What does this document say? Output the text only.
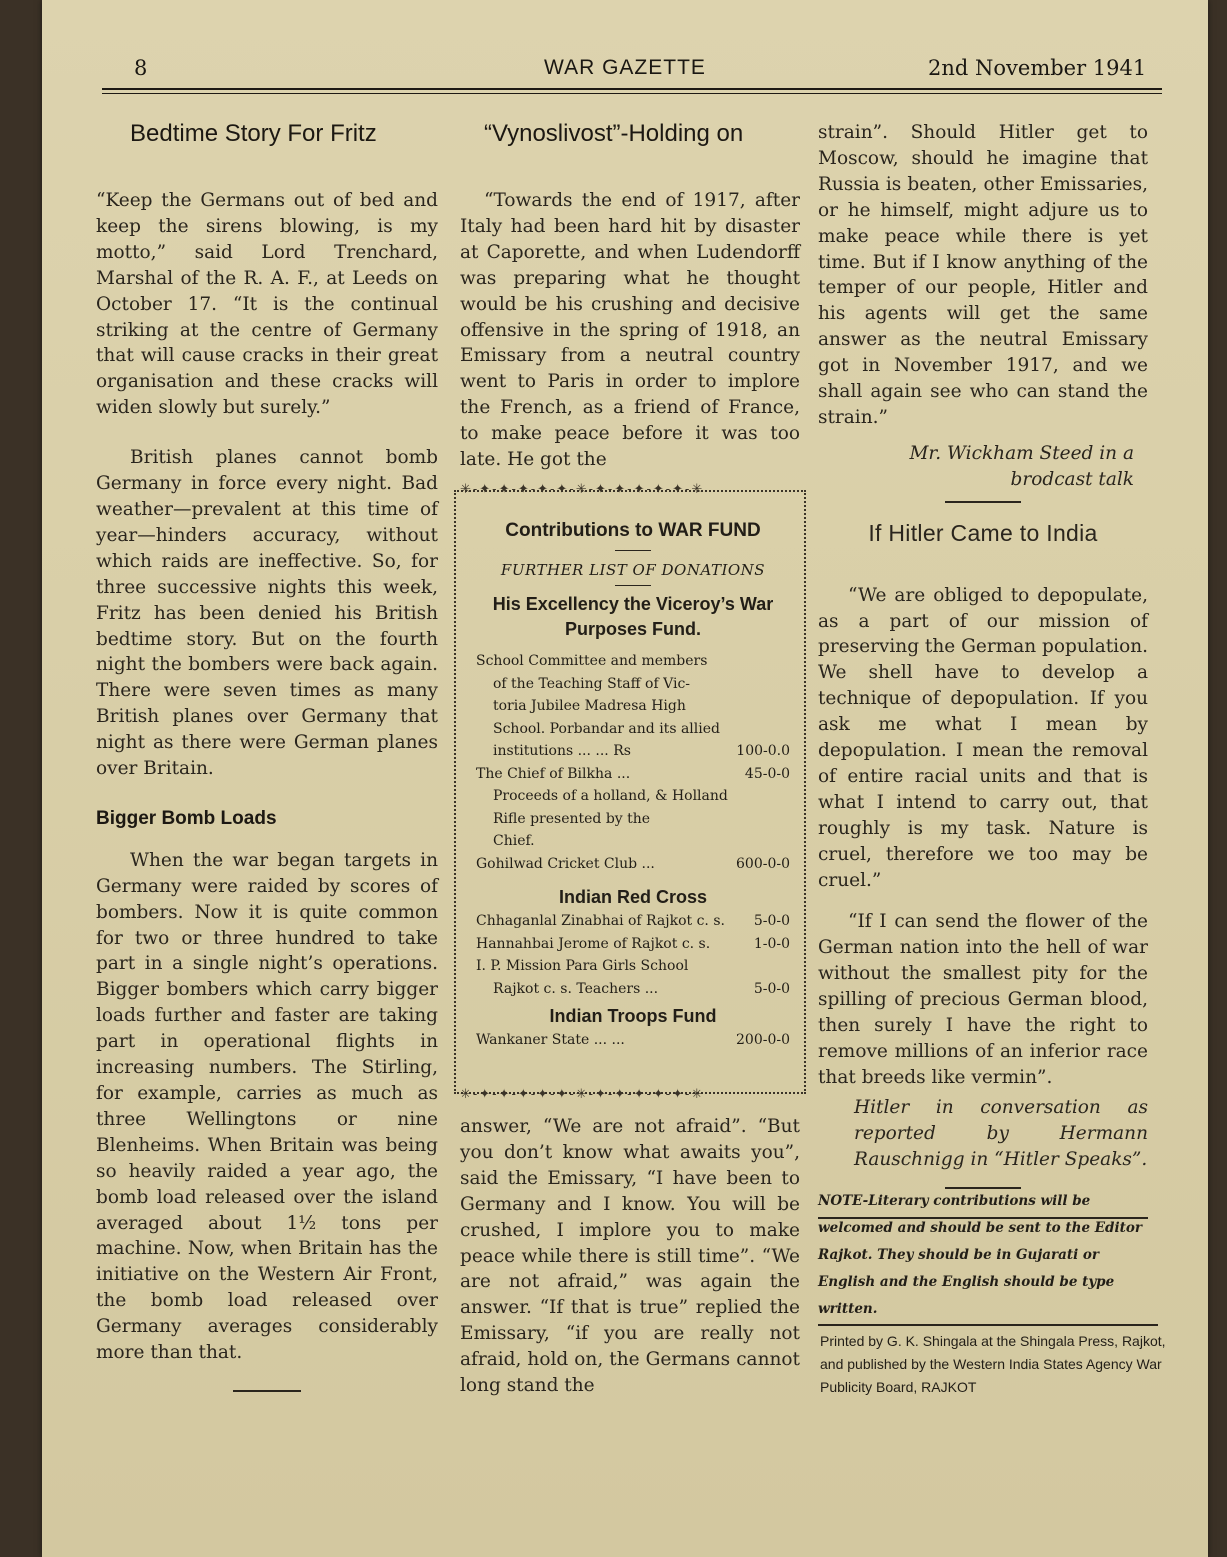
8	WAR GAZETTE	2nd November 1941
Bedtime Story For Fritz

“Keep the Germans out of bed and keep the sirens blowing, is my motto,” said Lord Trenchard, Marshal of the R. A. F., at Leeds on October 17. “It is the continual striking at the centre of Germany that will cause cracks in their great organisation and these cracks will widen slowly but surely.”

British planes cannot bomb Germany in force every night. Bad weather—prevalent at this time of year—hinders accuracy, without which raids are ineffective. So, for three successive nights this week, Fritz has been denied his British bedtime story. But on the fourth night the bombers were back again. There were seven times as many British planes over Germany that night as there were German planes over Britain.

Bigger Bomb Loads

When the war began targets in Germany were raided by scores of bombers. Now it is quite common for two or three hundred to take part in a single night’s operations. Bigger bombers which carry bigger loads further and faster are taking part in operational flights in increasing numbers. The Stirling, for example, carries as much as three Wellingtons or nine Blenheims. When Britain was being so heavily raided a year ago, the bomb load released over the island averaged about 1½ tons per machine. Now, when Britain has the initiative on the Western Air Front, the bomb load released over Germany averages considerably more than that.

“Vynoslivost”-Holding on

“Towards the end of 1917, after Italy had been hard hit by disaster at Caporette, and when Ludendorff was preparing what he thought would be his crushing and decisive offensive in the spring of 1918, an Emissary from a neutral country went to Paris in order to implore the French, as a friend of France, to make peace before it was too late. He got the

✳-✦-✦-✦-✦-✦-✳-✦-✦-✦-✦-✦-✳
✳-✦-✦-✦-✦-✦-✳-✦-✦-✦-✦-✦-✳
Contributions to WAR FUND
FURTHER LIST OF DONATIONS
His Excellency the Viceroy’s War Purposes Fund.
School Committee and members
of the Teaching Staff of Vic-
toria Jubilee Madresa High
School. Porbandar and its allied
institutions ... ... Rs	100-0.0
The Chief of Bilkha ...	45-0-0
Proceeds of a holland, & Holland
Rifle presented by the
Chief.
Gohilwad Cricket Club ...	600-0-0
Indian Red Cross
Chhaganlal Zinabhai of Rajkot c. s. 5-0-0
Hannahbai Jerome of Rajkot c. s.	1-0-0
I. P. Mission Para Girls School
Rajkot c. s. Teachers ...	5-0-0
Indian Troops Fund
Wankaner State ... ...	200-0-0

answer, “We are not afraid”. “But you don’t know what awaits you”, said the Emissary, “I have been to Germany and I know. You will be crushed, I implore you to make peace while there is still time”. “We are not afraid,” was again the answer. “If that is true” replied the Emissary, “if you are really not afraid, hold on, the Germans cannot long stand the

strain”. Should Hitler get to Moscow, should he imagine that Russia is beaten, other Emissaries, or he himself, might adjure us to make peace while there is yet time. But if I know anything of the temper of our people, Hitler and his agents will get the same answer as the neutral Emissary got in November 1917, and we shall again see who can stand the strain.”

Mr. Wickham Steed in a

brodcast talk

If Hitler Came to India

“We are obliged to depopulate, as a part of our mission of preserving the German population. We shell have to develop a technique of depopulation. If you ask me what I mean by depopulation. I mean the removal of entire racial units and that is what I intend to carry out, that roughly is my task. Nature is cruel, therefore we too may be cruel.”

“If I can send the flower of the German nation into the hell of war without the smallest pity for the spilling of precious German blood, then surely I have the right to remove millions of an inferior race that breeds like vermin”.

Hitler in conversation as reported by Hermann Rauschnigg in “Hitler Speaks”.

NOTE-Literary contributions will be welcomed and should be sent to the Editor Rajkot. They should be in Gujarati or English and the English should be type written.
Printed by G. K. Shingala at the Shingala Press, Rajkot, and published by the Western India States Agency War Publicity Board, RAJKOT
